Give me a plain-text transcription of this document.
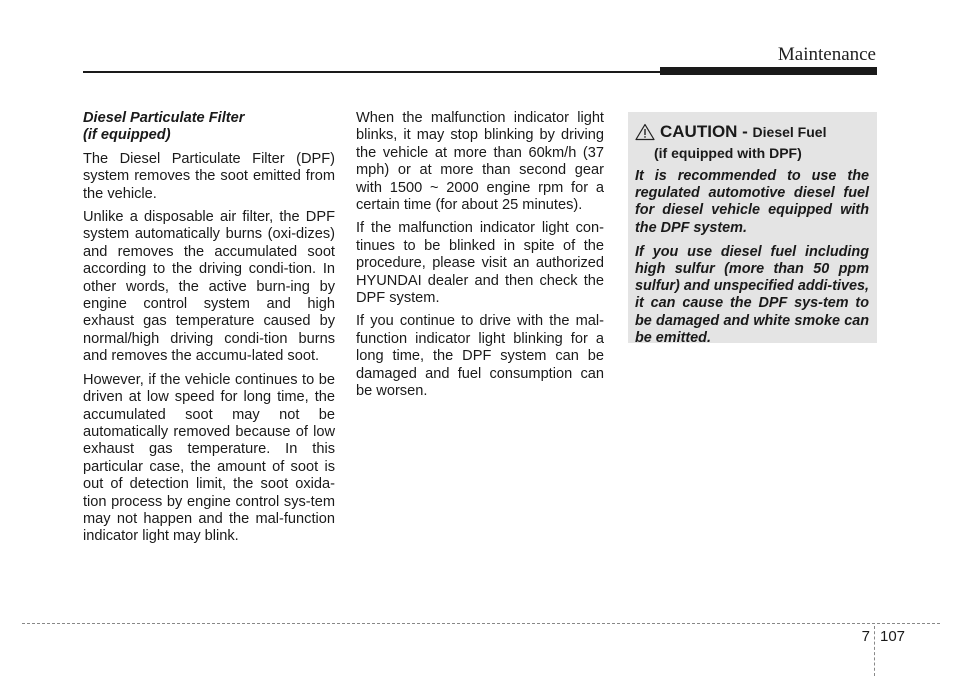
Maintenance
Diesel Particulate Filter
(if equipped)

The Diesel Particulate Filter (DPF) system removes the soot emitted from the vehicle.

Unlike a disposable air filter, the DPF system automatically burns (oxi-dizes) and removes the accumulated soot according to the driving condi-tion. In other words, the active burn-ing by engine control system and high exhaust gas temperature caused by normal/high driving condi-tion burns and removes the accumu-lated soot.

However, if the vehicle continues to be driven at low speed for long time, the accumulated soot may not be automatically removed because of low exhaust gas temperature. In this particular case, the amount of soot is out of detection limit, the soot oxida-tion process by engine control sys-tem may not happen and the mal-function indicator light may blink.

When the malfunction indicator light blinks, it may stop blinking by driving the vehicle at more than 60km/h (37 mph) or at more than second gear with 1500 ~ 2000 engine rpm for a certain time (for about 25 minutes).

If the malfunction indicator light con-tinues to be blinked in spite of the procedure, please visit an authorized HYUNDAI dealer and then check the DPF system.

If you continue to drive with the mal-function indicator light blinking for a long time, the DPF system can be damaged and fuel consumption can be worsen.

CAUTION - Diesel Fuel
(if equipped with DPF)

It is recommended to use the regulated automotive diesel fuel for diesel vehicle equipped with the DPF system.

If you use diesel fuel including high sulfur (more than 50 ppm sulfur) and unspecified addi-tives, it can cause the DPF sys-tem to be damaged and white smoke can be emitted.

7 107
